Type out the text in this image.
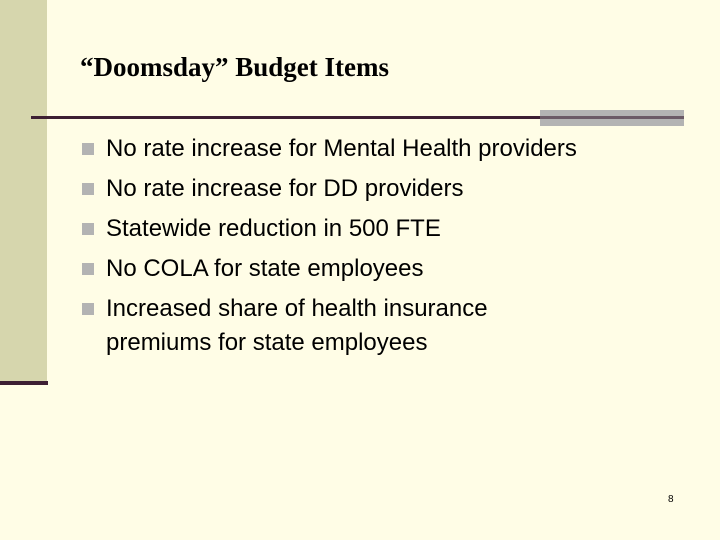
“Doomsday” Budget Items
No rate increase for Mental Health providers
No rate increase for DD providers
Statewide reduction in 500 FTE
No COLA for state employees
Increased share of health insurance premiums for state employees
8
